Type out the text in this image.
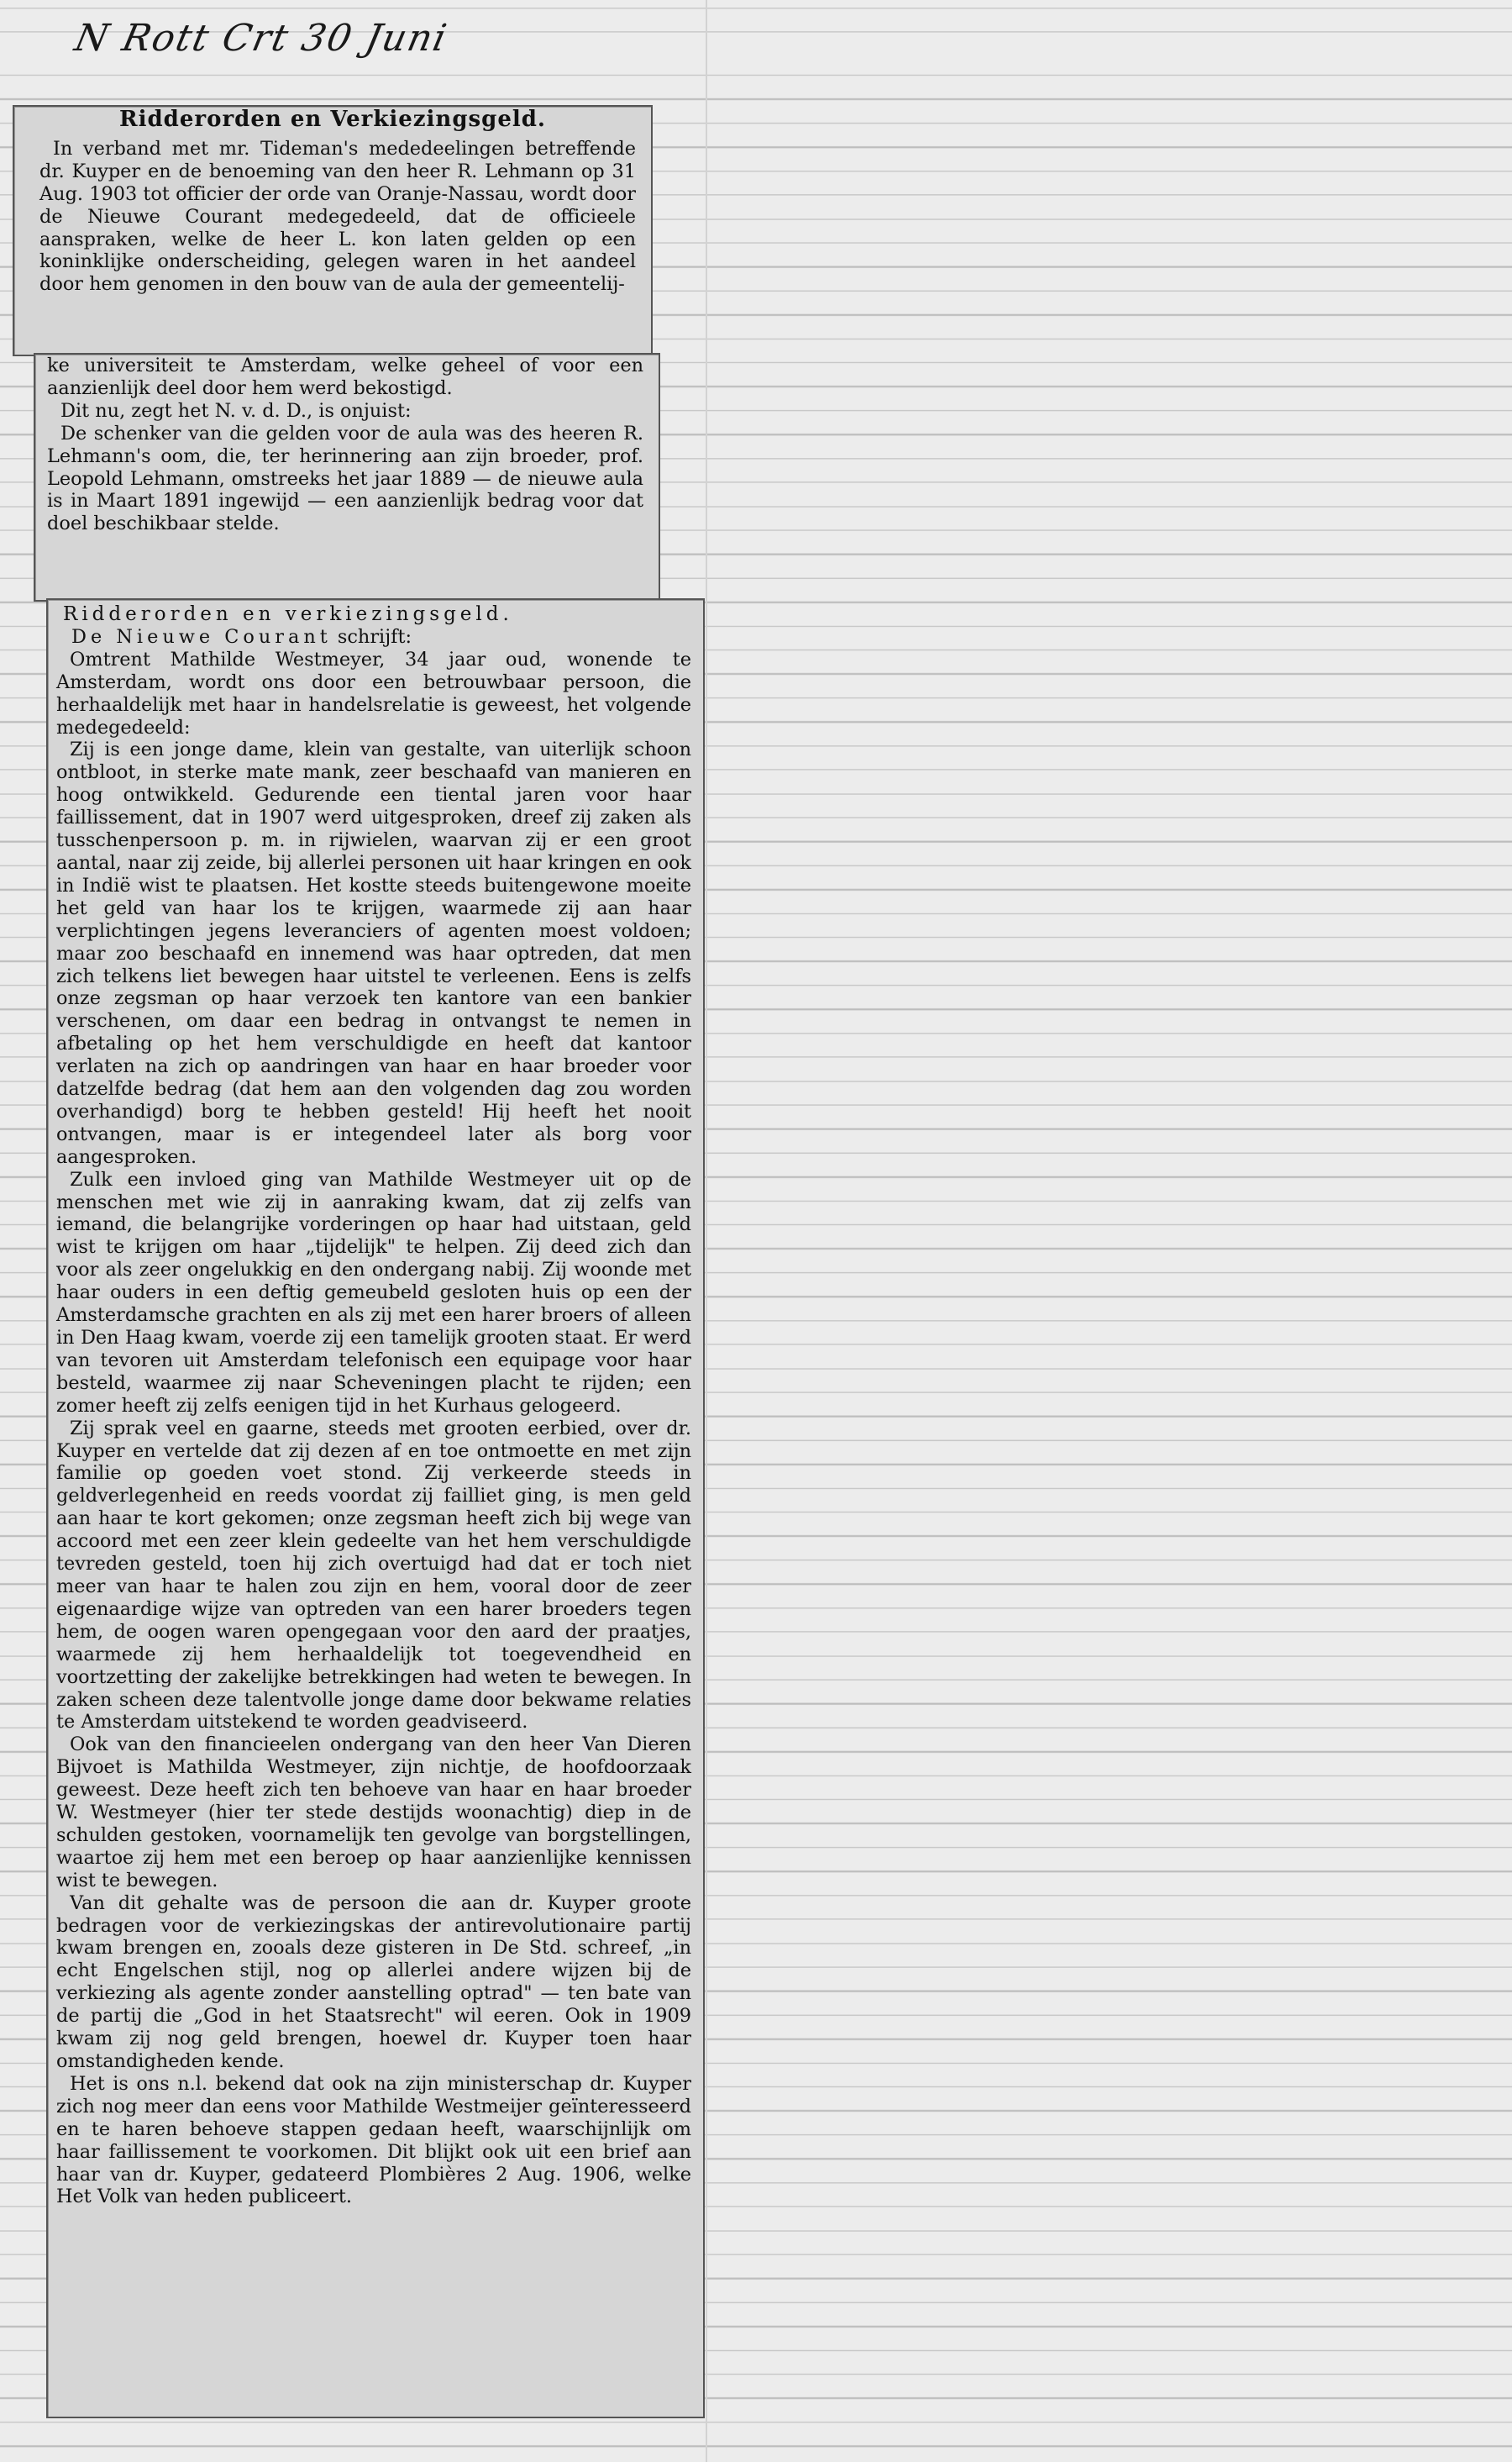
N Rott Crt 30 Juni
Ridderorden en Verkiezingsgeld.

In verband met mr. Tideman's mededeelingen betreffende dr. Kuyper en de benoeming van den heer R. Lehmann op 31 Aug. 1903 tot officier der orde van Oranje-Nassau, wordt door de Nieuwe Courant medegedeeld, dat de officieele aanspraken, welke de heer L. kon laten gelden op een koninklijke onderscheiding, gelegen waren in het aandeel door hem genomen in den bouw van de aula der gemeentelij-

ke universiteit te Amsterdam, welke geheel of voor een aanzienlijk deel door hem werd bekostigd.

Dit nu, zegt het N. v. d. D., is onjuist:

De schenker van die gelden voor de aula was des heeren R. Lehmann's oom, die, ter herinnering aan zijn broeder, prof. Leopold Lehmann, omstreeks het jaar 1889 — de nieuwe aula is in Maart 1891 ingewijd — een aanzienlijk bedrag voor dat doel beschikbaar stelde.

Ridderorden en verkiezingsgeld.

De Nieuwe Courant schrijft:

Omtrent Mathilde Westmeyer, 34 jaar oud, wonende te Amsterdam, wordt ons door een betrouwbaar persoon, die herhaaldelijk met haar in handelsrelatie is geweest, het volgende medegedeeld:

Zij is een jonge dame, klein van gestalte, van uiterlijk schoon ontbloot, in sterke mate mank, zeer beschaafd van manieren en hoog ontwikkeld. Gedurende een tiental jaren voor haar faillissement, dat in 1907 werd uitgesproken, dreef zij zaken als tusschenpersoon p. m. in rijwielen, waarvan zij er een groot aantal, naar zij zeide, bij allerlei personen uit haar kringen en ook in Indië wist te plaatsen. Het kostte steeds buitengewone moeite het geld van haar los te krijgen, waarmede zij aan haar verplichtingen jegens leveranciers of agenten moest voldoen; maar zoo beschaafd en innemend was haar optreden, dat men zich telkens liet bewegen haar uitstel te verleenen. Eens is zelfs onze zegsman op haar verzoek ten kantore van een bankier verschenen, om daar een bedrag in ontvangst te nemen in afbetaling op het hem verschuldigde en heeft dat kantoor verlaten na zich op aandringen van haar en haar broeder voor datzelfde bedrag (dat hem aan den volgenden dag zou worden overhandigd) borg te hebben gesteld! Hij heeft het nooit ontvangen, maar is er integendeel later als borg voor aangesproken.

Zulk een invloed ging van Mathilde Westmeyer uit op de menschen met wie zij in aanraking kwam, dat zij zelfs van iemand, die belangrijke vorderingen op haar had uitstaan, geld wist te krijgen om haar „tijdelijk" te helpen. Zij deed zich dan voor als zeer ongelukkig en den ondergang nabij. Zij woonde met haar ouders in een deftig gemeubeld gesloten huis op een der Amsterdamsche grachten en als zij met een harer broers of alleen in Den Haag kwam, voerde zij een tamelijk grooten staat. Er werd van tevoren uit Amsterdam telefonisch een equipage voor haar besteld, waarmee zij naar Scheveningen placht te rijden; een zomer heeft zij zelfs eenigen tijd in het Kurhaus gelogeerd.

Zij sprak veel en gaarne, steeds met grooten eerbied, over dr. Kuyper en vertelde dat zij dezen af en toe ontmoette en met zijn familie op goeden voet stond. Zij verkeerde steeds in geldverlegenheid en reeds voordat zij failliet ging, is men geld aan haar te kort gekomen; onze zegsman heeft zich bij wege van accoord met een zeer klein gedeelte van het hem verschuldigde tevreden gesteld, toen hij zich overtuigd had dat er toch niet meer van haar te halen zou zijn en hem, vooral door de zeer eigenaardige wijze van optreden van een harer broeders tegen hem, de oogen waren opengegaan voor den aard der praatjes, waarmede zij hem herhaaldelijk tot toegevendheid en voortzetting der zakelijke betrekkingen had weten te bewegen. In zaken scheen deze talentvolle jonge dame door bekwame relaties te Amsterdam uitstekend te worden geadviseerd.

Ook van den financieelen ondergang van den heer Van Dieren Bijvoet is Mathilda Westmeyer, zijn nichtje, de hoofdoorzaak geweest. Deze heeft zich ten behoeve van haar en haar broeder W. Westmeyer (hier ter stede destijds woonachtig) diep in de schulden gestoken, voornamelijk ten gevolge van borgstellingen, waartoe zij hem met een beroep op haar aanzienlijke kennissen wist te bewegen.

Van dit gehalte was de persoon die aan dr. Kuyper groote bedragen voor de verkiezingskas der antirevolutionaire partij kwam brengen en, zooals deze gisteren in De Std. schreef, „in echt Engelschen stijl, nog op allerlei andere wijzen bij de verkiezing als agente zonder aanstelling optrad" — ten bate van de partij die „God in het Staatsrecht" wil eeren. Ook in 1909 kwam zij nog geld brengen, hoewel dr. Kuyper toen haar omstandigheden kende.

Het is ons n.l. bekend dat ook na zijn ministerschap dr. Kuyper zich nog meer dan eens voor Mathilde Westmeijer geïnteresseerd en te haren behoeve stappen gedaan heeft, waarschijnlijk om haar faillissement te voorkomen. Dit blijkt ook uit een brief aan haar van dr. Kuyper, gedateerd Plombières 2 Aug. 1906, welke Het Volk van heden publiceert.
